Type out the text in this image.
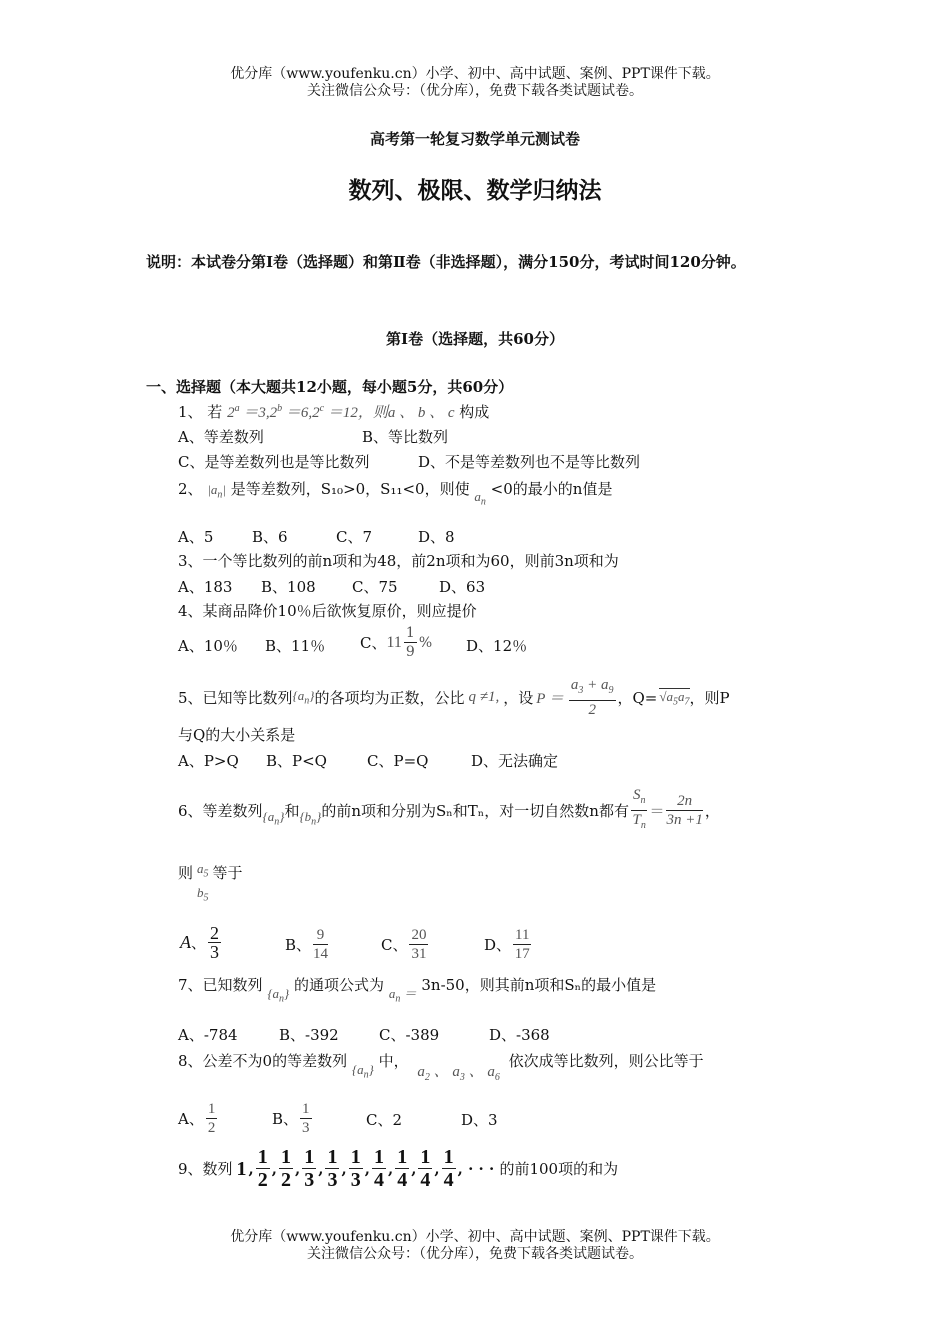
优分库（www.youfenku.cn）小学、初中、高中试题、案例、PPT课件下载。
关注微信公众号：（优分库），免费下载各类试题试卷。
高考第一轮复习数学单元测试卷
数列、极限、数学归纳法
说明：本试卷分第Ⅰ卷（选择题）和第Ⅱ卷（非选择题），满分150分，考试时间120分钟。
第Ⅰ卷（选择题，共60分）
一、选择题（本大题共12小题，每小题5分，共60分）
1、 若 $2^a =3,2^b =6,2^c =12$，则a 、 b 、 c 构成
A、等差数列	B、等比数列
C、是等差数列也是等比数列	D、不是等差数列也不是等比数列
2、 $|a_n|$ 是等差数列，S₁₀>0，S₁₁<0，则使 $a_n <0$的最小的n值是
A、5	B、6	C、7	D、8
3、一个等比数列的前n项和为48，前2n项和为60，则前3n项和为
A、183 B、108 C、75	D、63
4、某商品降价10％后欲恢复原价，则应提价
A、10％ B、11％ C、 11
1
9
% D、12％
5、已知等比数列 $\{a_n\}$ 的各项均为正数，公比 q ≠1, ，设 P ＝
$a_3 + a_9$
2
，$Q= √a_5a_7$ ，则P
与Q的大小关系是
A、P>Q B、P<Q	C、P=Q	D、无法确定
6、等差数列 $\{a_n\}$ 和 $\{b_n\}$ 的前n项和分别为Sₙ和Tₙ，对一切自然数n都有
$S_n$
$T_n$
＝
2n
3n +1 ，
则 $a_5$
$b_5$
等于
A 、 2
3	B、
9
14	C、
20
31	D、
11
17
7、已知数列 $\{a_n\}$ 的通项公式为 $a_n = 3n-50$，则其前n项和Sₙ的最小值是
A、-784	B、-392	C、-389	D、-368
8、公差不为0的等差数列 $\{a_n\}$ 中， $a_2$ 、 $a_3$ 、 $a_6$ 依次成等比数列，则公比等于
A、
1
2	B、
1
3	C、2	D、3
9、数列 1 ,
1
2
,
1
2
,
1
3
,
1
3
,
1
3
,
1
4
,
1
4
,
1
4
,
1
4
, · · · 的前100项的和为
优分库（www.youfenku.cn）小学、初中、高中试题、案例、PPT课件下载。
关注微信公众号：（优分库），免费下载各类试题试卷。
